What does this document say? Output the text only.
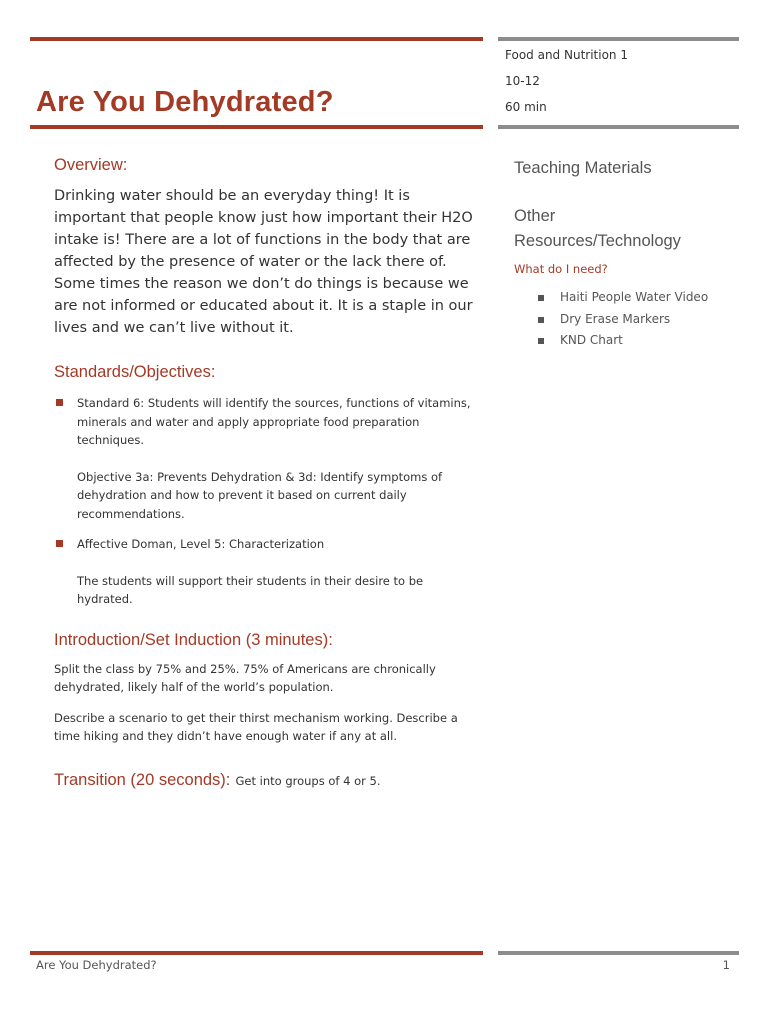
Are You Dehydrated?
Food and Nutrition 1
10-12
60 min
Overview:

Drinking water should be an everyday thing! It is important that people know just how important their H2O intake is! There are a lot of functions in the body that are affected by the presence of water or the lack there of. Some times the reason we don’t do things is because we are not informed or educated about it. It is a staple in our lives and we can’t live without it.

Standards/Objectives:

Standard 6: Students will identify the sources, functions of vitamins, minerals and water and apply appropriate food preparation techniques.

Objective 3a: Prevents Dehydration & 3d: Identify symptoms of dehydration and how to prevent it based on current daily recommendations.

Affective Doman, Level 5: Characterization

The students will support their students in their desire to be hydrated.

Introduction/Set Induction (3 minutes):

Split the class by 75% and 25%. 75% of Americans are chronically dehydrated, likely half of the world’s population.

Describe a scenario to get their thirst mechanism working. Describe a time hiking and they didn’t have enough water if any at all.

Transition (20 seconds): Get into groups of 4 or 5.
Teaching Materials
Other
Resources/Technology

What do I need?

Haiti People Water Video
Dry Erase Markers
KND Chart
Are You Dehydrated?	1
